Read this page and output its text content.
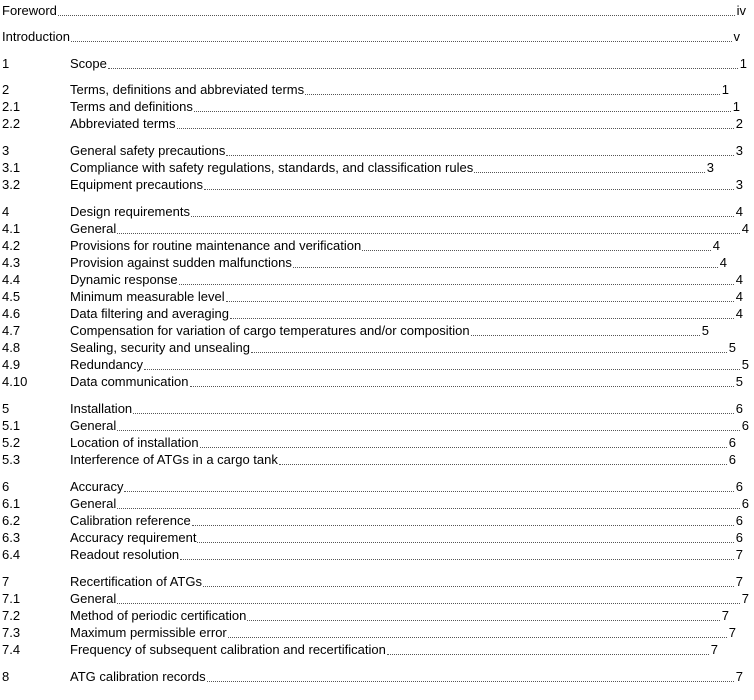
Foreword	iv
Introduction	v
1	Scope	1
2	Terms, definitions and abbreviated terms	1
2.1	Terms and definitions	1
2.2	Abbreviated terms	2
3	General safety precautions	3
3.1	Compliance with safety regulations, standards, and classification rules	3
3.2	Equipment precautions	3
4	Design requirements	4
4.1	General	4
4.2	Provisions for routine maintenance and verification	4
4.3	Provision against sudden malfunctions	4
4.4	Dynamic response	4
4.5	Minimum measurable level	4
4.6	Data filtering and averaging	4
4.7	Compensation for variation of cargo temperatures and/or composition	5
4.8	Sealing, security and unsealing	5
4.9	Redundancy	5
4.10	Data communication	5
5	Installation	6
5.1	General	6
5.2	Location of installation	6
5.3	Interference of ATGs in a cargo tank	6
6	Accuracy	6
6.1	General	6
6.2	Calibration reference	6
6.3	Accuracy requirement	6
6.4	Readout resolution	7
7	Recertification of ATGs	7
7.1	General	7
7.2	Method of periodic certification	7
7.3	Maximum permissible error	7
7.4	Frequency of subsequent calibration and recertification	7
8	ATG calibration records	7
